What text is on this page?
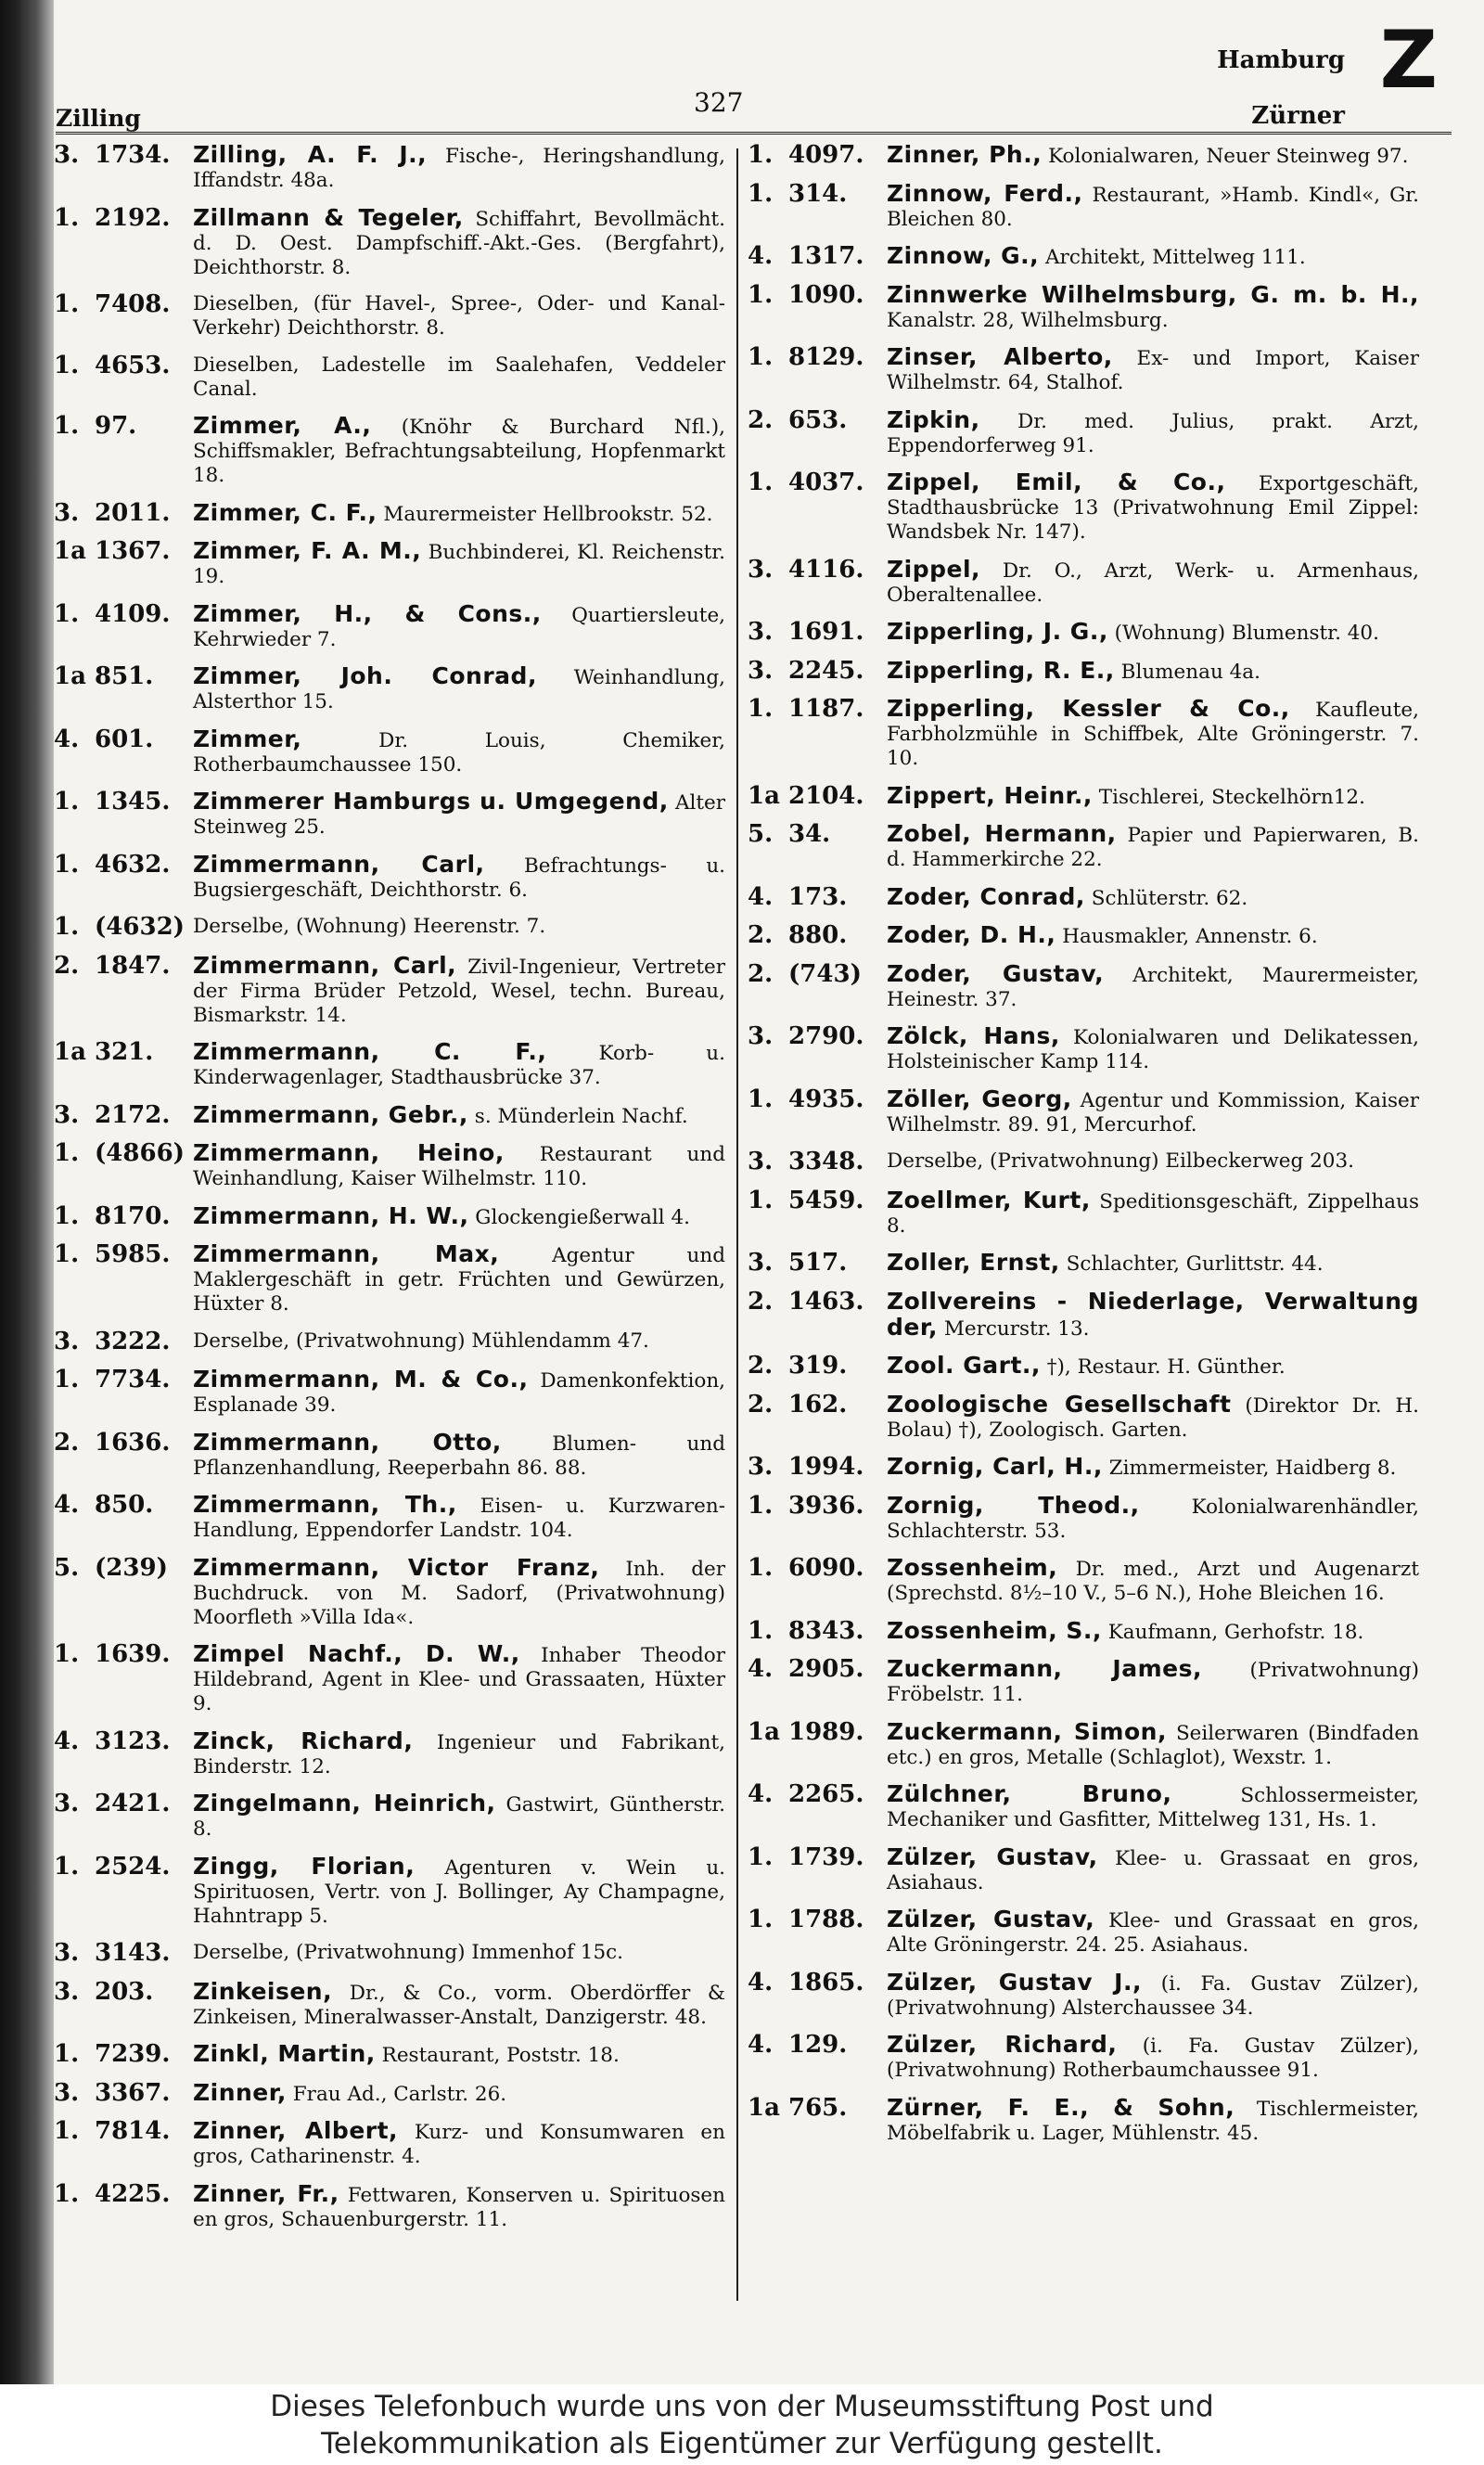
Zilling
327
Hamburg
Zürner
Z
3. 1734. Zilling, A. F. J., Fische-, Heringshandlung, Iffandstr. 48a.
1. 2192. Zillmann & Tegeler, Schiffahrt, Bevollmächt. d. D. Oest. Dampfschiff.-Akt.-Ges. (Bergfahrt), Deichthorstr. 8.
1. 7408.	Dieselben, (für Havel-, Spree-, Oder- und Kanal-Verkehr) Deichthorstr. 8.
1. 4653.	Dieselben, Ladestelle im Saalehafen, Veddeler Canal.
1. 97.	Zimmer, A., (Knöhr & Burchard Nfl.), Schiffsmakler, Befrachtungsabteilung, Hopfenmarkt 18.
3. 2011. Zimmer, C. F., Maurermeister Hellbrookstr. 52.
1a 1367. Zimmer, F. A. M., Buchbinderei, Kl. Reichenstr. 19.
1. 4109. Zimmer, H., & Cons., Quartiersleute, Kehrwieder 7.
1a 851.	Zimmer, Joh. Conrad, Weinhandlung, Alsterthor 15.
4. 601.	Zimmer,	Dr. Louis, Chemiker, Rotherbaumchaussee 150.
1. 1345. Zimmerer Hamburgs u. Umgegend, Alter Steinweg 25.
1. 4632. Zimmermann, Carl, Befrachtungs- u. Bugsiergeschäft, Deichthorstr. 6.
1. (4632) Derselbe, (Wohnung) Heerenstr. 7.
2. 1847. Zimmermann, Carl, Zivil-Ingenieur, Vertreter der Firma Brüder Petzold, Wesel, techn. Bureau, Bismarkstr. 14.
1a 321.	Zimmermann, C. F.,	Korb- u. Kinderwagenlager, Stadthausbrücke 37.
3. 2172. Zimmermann, Gebr., s. Münderlein Nachf.
1. (4866) Zimmermann, Heino, Restaurant und Weinhandlung, Kaiser Wilhelmstr. 110.
1. 8170. Zimmermann, H. W., Glockengießerwall 4.
1. 5985. Zimmermann, Max,	Agentur und Maklergeschäft in getr. Früchten und Gewürzen, Hüxter 8.
3. 3222.	Derselbe, (Privatwohnung) Mühlendamm 47.
1. 7734. Zimmermann, M. & Co., Damenkonfektion, Esplanade 39.
2. 1636. Zimmermann, Otto,	Blumen- und Pflanzenhandlung, Reeperbahn 86. 88.
4. 850.	Zimmermann, Th., Eisen- u. Kurzwaren-Handlung, Eppendorfer Landstr. 104.
5. (239)	Zimmermann, Victor Franz, Inh. der Buchdruck. von M. Sadorf, (Privatwohnung) Moorfleth »Villa Ida«.
1. 1639. Zimpel Nachf., D. W., Inhaber Theodor Hildebrand, Agent in Klee- und Grassaaten, Hüxter 9.
4. 3123. Zinck, Richard, Ingenieur und Fabrikant, Binderstr. 12.
3. 2421. Zingelmann, Heinrich, Gastwirt, Güntherstr. 8.
1. 2524. Zingg, Florian, Agenturen v. Wein u. Spirituosen, Vertr. von J. Bollinger, Ay Champagne, Hahntrapp 5.
3. 3143.	Derselbe, (Privatwohnung) Immenhof 15c.
3. 203.	Zinkeisen, Dr., & Co., vorm. Oberdörffer & Zinkeisen, Mineralwasser-Anstalt, Danzigerstr. 48.
1. 7239. Zinkl, Martin, Restaurant, Poststr. 18.
3. 3367. Zinner, Frau Ad., Carlstr. 26.
1. 7814. Zinner, Albert, Kurz- und Konsumwaren en gros, Catharinenstr. 4.
1. 4225. Zinner, Fr., Fettwaren, Konserven u. Spirituosen en gros, Schauenburgerstr. 11.
1. 4097. Zinner, Ph., Kolonialwaren, Neuer Steinweg 97.
1. 314.	Zinnow, Ferd., Restaurant, »Hamb. Kindl«, Gr. Bleichen 80.
4. 1317. Zinnow, G., Architekt, Mittelweg 111.
1. 1090. Zinnwerke Wilhelmsburg, G. m. b. H., Kanalstr. 28, Wilhelmsburg.
1. 8129. Zinser, Alberto, Ex- und Import, Kaiser Wilhelmstr. 64, Stalhof.
2. 653.	Zipkin, Dr. med. Julius, prakt. Arzt, Eppendorferweg 91.
1. 4037. Zippel, Emil, & Co., Exportgeschäft, Stadthausbrücke 13 (Privatwohnung Emil Zippel: Wandsbek Nr. 147).
3. 4116. Zippel, Dr. O., Arzt, Werk- u. Armenhaus, Oberaltenallee.
3. 1691. Zipperling, J. G., (Wohnung) Blumenstr. 40.
3. 2245. Zipperling, R. E., Blumenau 4a.
1. 1187. Zipperling, Kessler & Co., Kaufleute, Farbholzmühle in Schiffbek, Alte Gröningerstr. 7. 10.
1a 2104. Zippert, Heinr., Tischlerei, Steckelhörn12.
5. 34.	Zobel, Hermann, Papier und Papierwaren, B. d. Hammerkirche 22.
4. 173.	Zoder, Conrad, Schlüterstr. 62.
2. 880.	Zoder, D. H., Hausmakler, Annenstr. 6.
2. (743)	Zoder, Gustav, Architekt, Maurermeister, Heinestr. 37.
3. 2790. Zölck, Hans, Kolonialwaren und Delikatessen, Holsteinischer Kamp 114.
1. 4935. Zöller, Georg, Agentur und Kommission, Kaiser Wilhelmstr. 89. 91, Mercurhof.
3. 3348.	Derselbe, (Privatwohnung) Eilbeckerweg 203.
1. 5459. Zoellmer, Kurt, Speditionsgeschäft, Zippelhaus 8.
3. 517.	Zoller, Ernst, Schlachter, Gurlittstr. 44.
2. 1463. Zollvereins - Niederlage, Verwaltung der, Mercurstr. 13.
2. 319.	Zool. Gart., †), Restaur. H. Günther.
2. 162.	Zoologische Gesellschaft (Direktor Dr. H. Bolau) †), Zoologisch. Garten.
3. 1994. Zornig, Carl, H., Zimmermeister, Haidberg 8.
1. 3936. Zornig, Theod.,	Kolonialwarenhändler, Schlachterstr. 53.
1. 6090. Zossenheim, Dr. med., Arzt und Augenarzt (Sprechstd. 8½–10 V., 5–6 N.), Hohe Bleichen 16.
1. 8343. Zossenheim, S., Kaufmann, Gerhofstr. 18.
4. 2905. Zuckermann, James, (Privatwohnung) Fröbelstr. 11.
1a 1989. Zuckermann, Simon, Seilerwaren (Bindfaden etc.) en gros, Metalle (Schlaglot), Wexstr. 1.
4. 2265. Zülchner, Bruno,	Schlossermeister, Mechaniker und Gasfitter, Mittelweg 131, Hs. 1.
1. 1739. Zülzer, Gustav, Klee- u. Grassaat en gros, Asiahaus.
1. 1788. Zülzer, Gustav, Klee- und Grassaat en gros, Alte Gröningerstr. 24. 25. Asiahaus.
4. 1865. Zülzer, Gustav J., (i. Fa. Gustav Zülzer), (Privatwohnung) Alsterchaussee 34.
4. 129.	Zülzer, Richard, (i. Fa. Gustav Zülzer), (Privatwohnung) Rotherbaumchaussee 91.
1a 765.	Zürner, F. E., & Sohn, Tischlermeister, Möbelfabrik u. Lager, Mühlenstr. 45.
Dieses Telefonbuch wurde uns von der Museumsstiftung Post und
Telekommunikation als Eigentümer zur Verfügung gestellt.
